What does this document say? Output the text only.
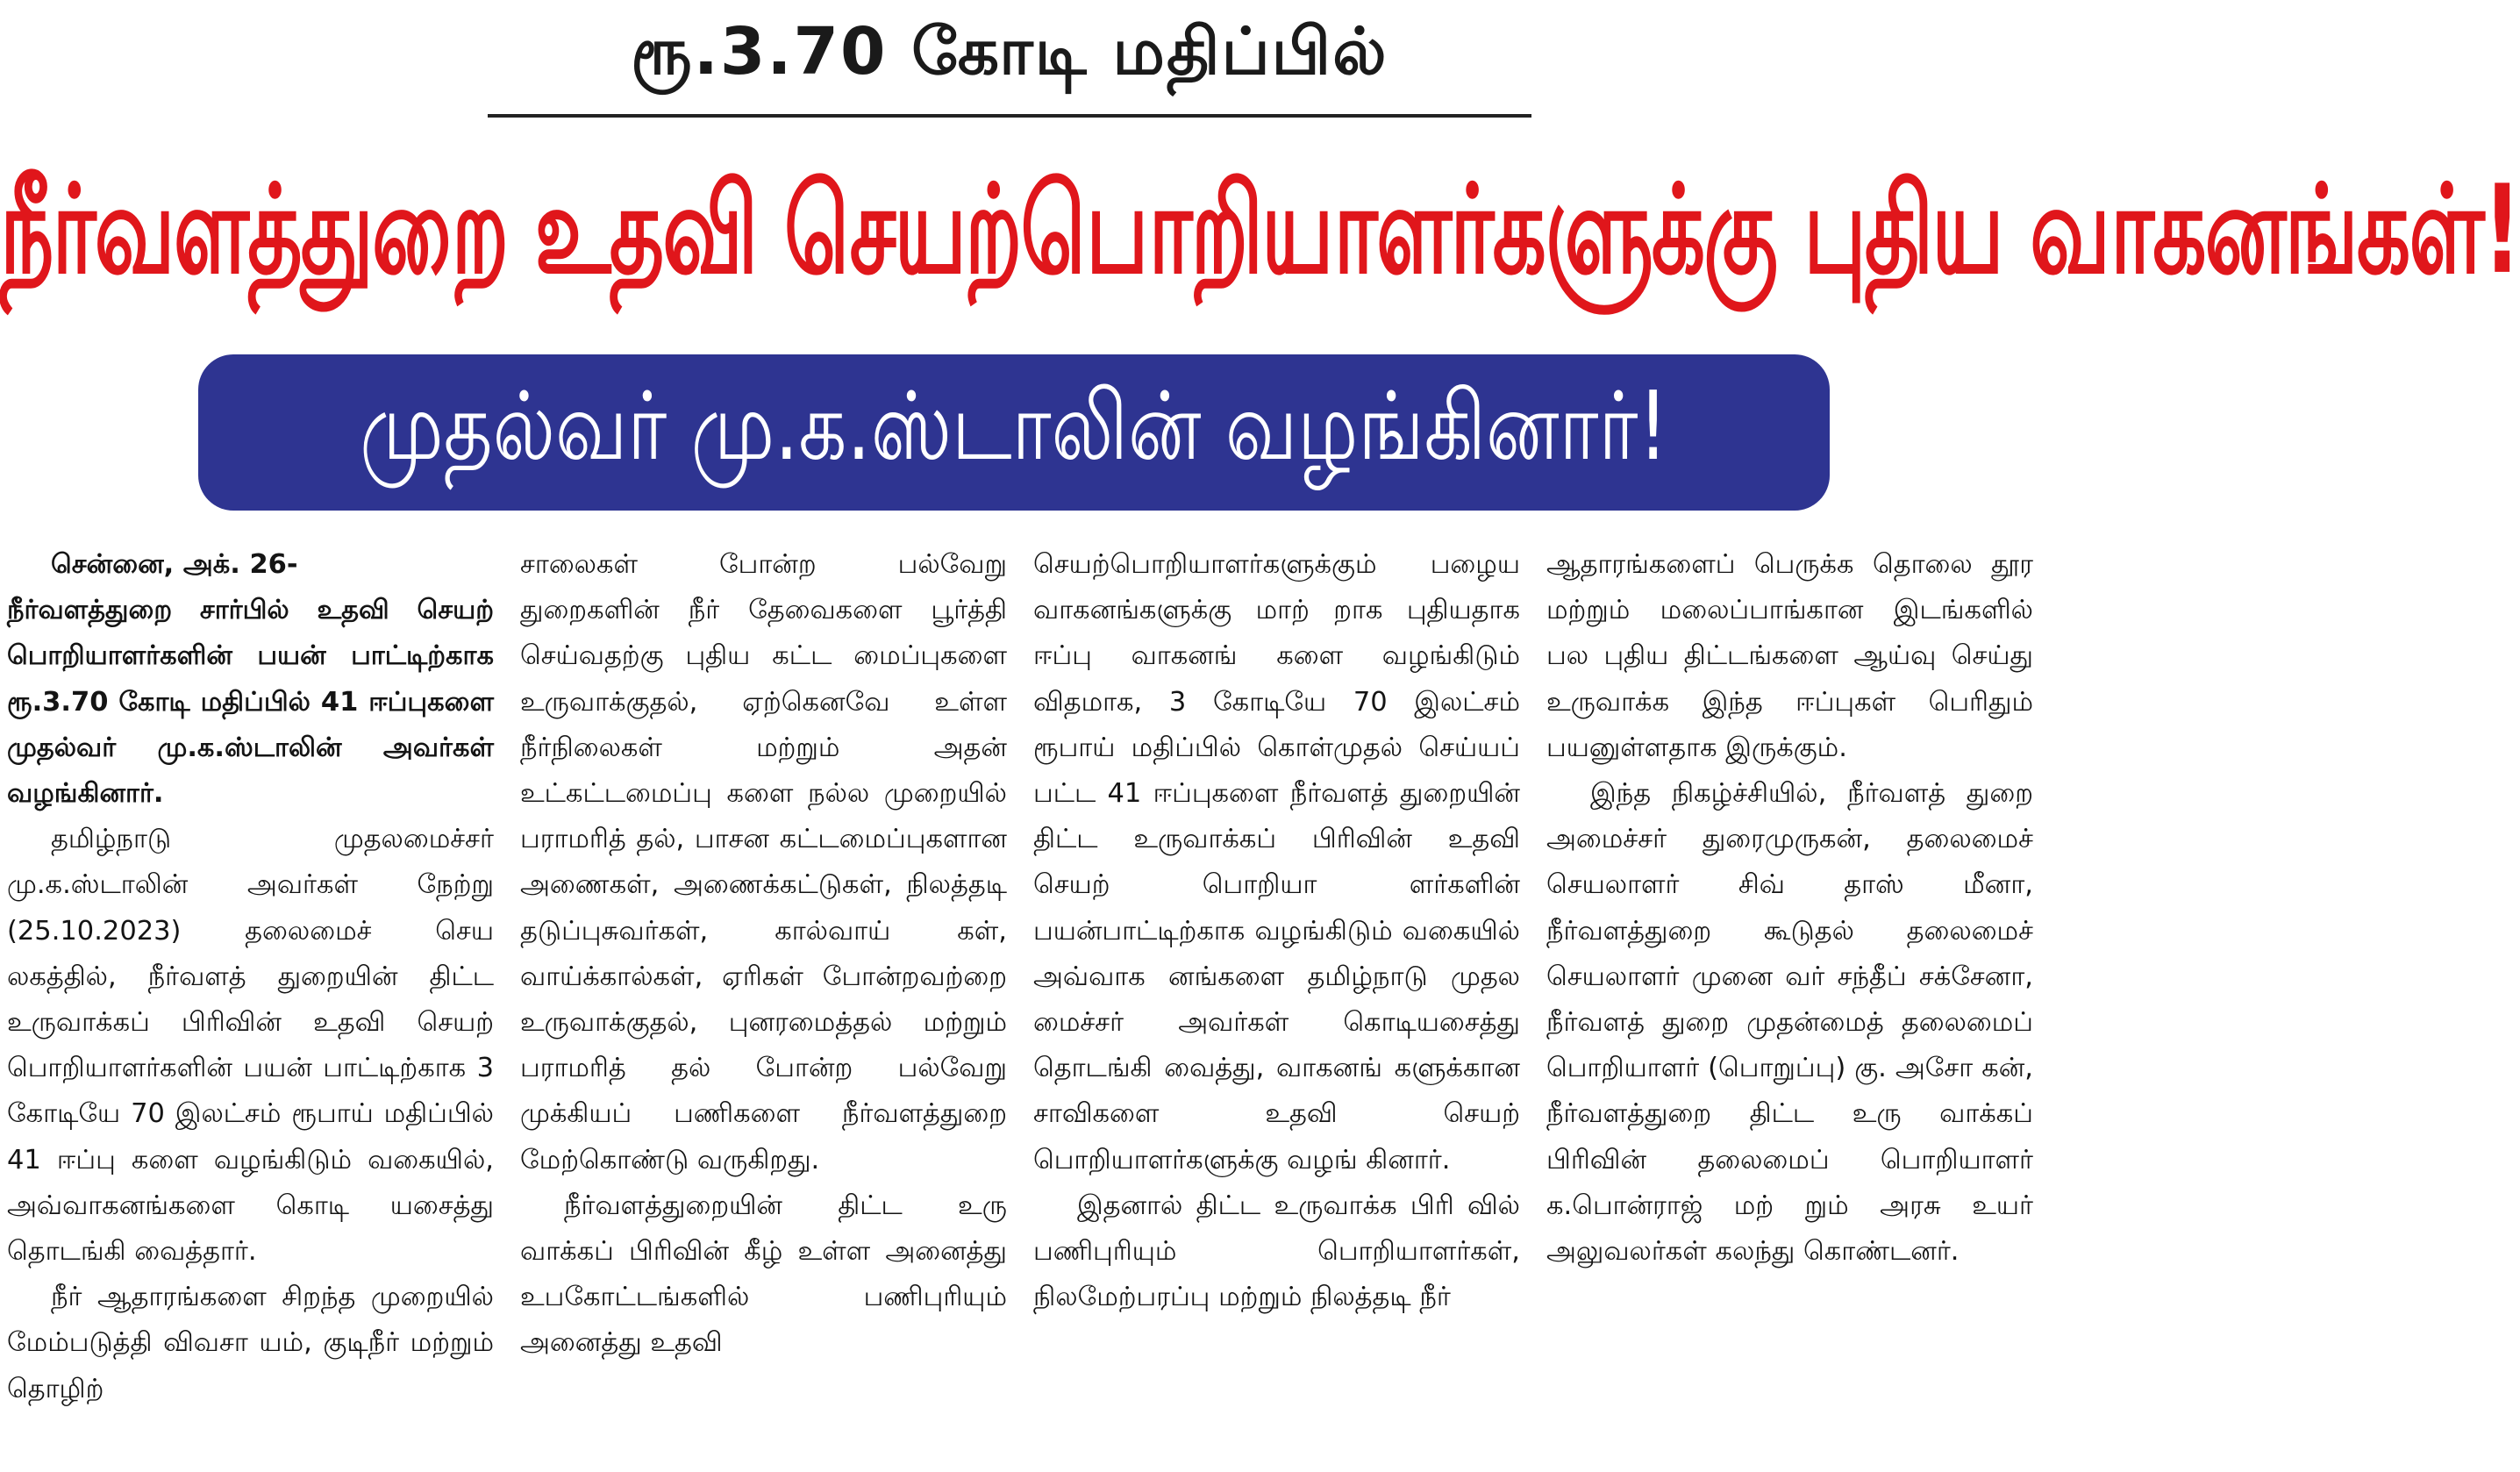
ரூ.3.70 கோடி மதிப்பில்
நீர்வளத்துறை உதவி செயற்பொறியாளர்களுக்கு புதிய வாகனங்கள்!
முதல்வர் மு.க.ஸ்டாலின் வழங்கினார்!

சென்னை, அக். 26-

நீர்வளத்துறை சார்பில் உதவி செயற் பொறியாளர்களின் பயன் பாட்டிற்காக ரூ.3.70 கோடி மதிப்பில் 41 ஈப்புகளை முதல்வர் மு.க.ஸ்டாலின் அவர்கள் வழங்கினார்.

தமிழ்நாடு முதலமைச்சர் மு.க.ஸ்டாலின் அவர்கள் நேற்று (25.10.2023) தலைமைச் செய லகத்தில், நீர்வளத் துறையின் திட்ட உருவாக்கப் பிரிவின் உதவி செயற் பொறியாளர்களின் பயன் பாட்டிற்காக 3 கோடியே 70 இலட்சம் ரூபாய் மதிப்பில் 41 ஈப்பு களை வழங்கிடும் வகையில், அவ்வாகனங்களை கொடி யசைத்து தொடங்கி வைத்தார்.

நீர் ஆதாரங்களை சிறந்த முறையில் மேம்படுத்தி விவசா யம், குடிநீர் மற்றும் தொழிற்

சாலைகள் போன்ற பல்வேறு துறைகளின் நீர் தேவைகளை பூர்த்தி செய்வதற்கு புதிய கட்ட மைப்புகளை உருவாக்குதல், ஏற்கெனவே உள்ள நீர்நிலைகள் மற்றும் அதன் உட்கட்டமைப்பு களை நல்ல முறையில் பராமரித் தல், பாசன கட்டமைப்புகளான அணைகள், அணைக்கட்டுகள், நிலத்தடி தடுப்புசுவர்கள், கால்வாய் கள், வாய்க்கால்கள், ஏரிகள் போன்றவற்றை உருவாக்குதல், புனரமைத்தல் மற்றும் பராமரித் தல் போன்ற பல்வேறு முக்கியப் பணிகளை நீர்வளத்துறை மேற்கொண்டு வருகிறது.

நீர்வளத்துறையின் திட்ட உரு வாக்கப் பிரிவின் கீழ் உள்ள அனைத்து உபகோட்டங்களில் பணிபுரியும் அனைத்து உதவி

செயற்பொறியாளர்களுக்கும் பழைய வாகனங்களுக்கு மாற் றாக புதியதாக ஈப்பு வாகனங் களை வழங்கிடும் விதமாக, 3 கோடியே 70 இலட்சம் ரூபாய் மதிப்பில் கொள்முதல் செய்யப் பட்ட 41 ஈப்புகளை நீர்வளத் துறையின் திட்ட உருவாக்கப் பிரிவின் உதவி செயற் பொறியா ளர்களின் பயன்பாட்டிற்காக வழங்கிடும் வகையில் அவ்வாக னங்களை தமிழ்நாடு முதல மைச்சர் அவர்கள் கொடியசைத்து தொடங்கி வைத்து, வாகனங் களுக்கான சாவிகளை உதவி செயற் பொறியாளர்களுக்கு வழங் கினார்.

இதனால் திட்ட உருவாக்க பிரி வில் பணிபுரியும் பொறியாளர்கள், நிலமேற்பரப்பு மற்றும் நிலத்தடி நீர்

ஆதாரங்களைப் பெருக்க தொலை தூர மற்றும் மலைப்பாங்கான இடங்களில் பல புதிய திட்டங்களை ஆய்வு செய்து உருவாக்க இந்த ஈப்புகள் பெரிதும் பயனுள்ளதாக இருக்கும்.

இந்த நிகழ்ச்சியில், நீர்வளத் துறை அமைச்சர் துரைமுருகன், தலைமைச் செயலாளர் சிவ் தாஸ் மீனா, நீர்வளத்துறை கூடுதல் தலைமைச் செயலாளர் முனை வர் சந்தீப் சக்சேனா, நீர்வளத் துறை முதன்மைத் தலைமைப் பொறியாளர் (பொறுப்பு) கு. அசோ கன், நீர்வளத்துறை திட்ட உரு வாக்கப் பிரிவின் தலைமைப் பொறியாளர் க.பொன்ராஜ் மற் றும் அரசு உயர் அலுவலர்கள் கலந்து கொண்டனர்.
